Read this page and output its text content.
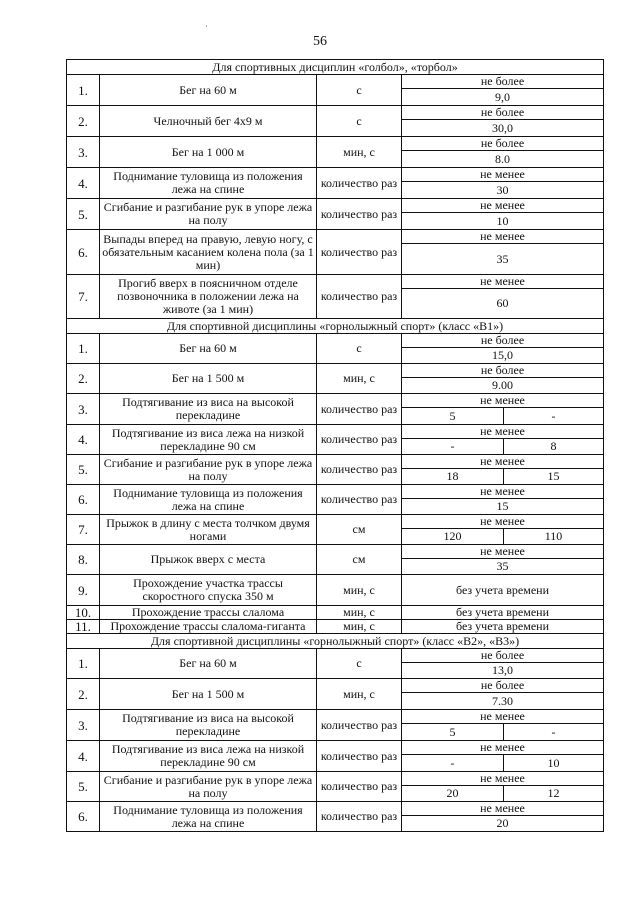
·
56
Для спортивных дисциплин «голбол», «торбол»				
1.	Бег на 60 м	с	не более	
			9,0	
2.	Челночный бег 4х9 м	с	не более	
			30,0	
3.	Бег на 1 000 м	мин, с	не более	
			8.0	
4.	Поднимание туловища из положения лежа на спине	количество раз	не менее	
			30	
5.	Сгибание и разгибание рук в упоре лежа на полу	количество раз	не менее	
			10	
6.	Выпады вперед на правую, левую ногу, с обязательным касанием колена пола (за 1 мин)	количество раз	не менее	
			35	
7.	Прогиб вверх в поясничном отделе позвоночника в положении лежа на животе (за 1 мин)	количество раз	не менее	
			60	
Для спортивной дисциплины «горнолыжный спорт» (класс «В1»)				
1.	Бег на 60 м	с	не более	
			15,0	
2.	Бег на 1 500 м	мин, с	не более	
			9.00	
3.	Подтягивание из виса на высокой перекладине	количество раз	не менее	
			5	-
4.	Подтягивание из виса лежа на низкой перекладине 90 см	количество раз	не менее	
			-	8
5.	Сгибание и разгибание рук в упоре лежа на полу	количество раз	не менее	
			18	15
6.	Поднимание туловища из положения лежа на спине	количество раз	не менее	
			15	
7.	Прыжок в длину с места толчком двумя ногами	см	не менее	
			120	110
8.	Прыжок вверх с места	см	не менее	
			35	
9.	Прохождение участка трассы скоростного спуска 350 м	мин, с	без учета времени	
10.	Прохождение трассы слалома	мин, с	без учета времени	
11.	Прохождение трассы слалома-гиганта	мин, с	без учета времени	
Для спортивной дисциплины «горнолыжный спорт» (класс «В2», «В3»)				
1.	Бег на 60 м	с	не более	
			13,0	
2.	Бег на 1 500 м	мин, с	не более	
			7.30	
3.	Подтягивание из виса на высокой перекладине	количество раз	не менее	
			5	-
4.	Подтягивание из виса лежа на низкой перекладине 90 см	количество раз	не менее	
			-	10
5.	Сгибание и разгибание рук в упоре лежа на полу	количество раз	не менее	
			20	12
6.	Поднимание туловища из положения лежа на спине	количество раз	не менее	
			20	
